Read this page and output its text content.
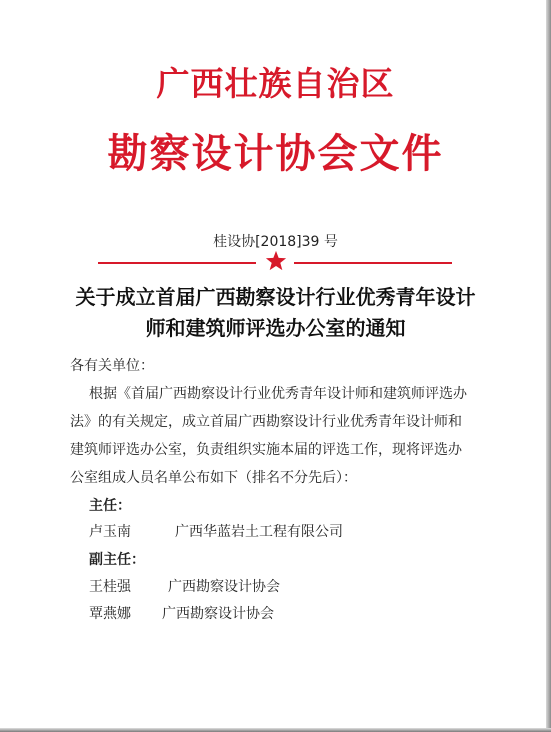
广西壮族自治区
勘察设计协会文件
桂设协[2018]39 号
关于成立首届广西勘察设计行业优秀青年设计
师和建筑师评选办公室的通知
各有关单位：
根据《首届广西勘察设计行业优秀青年设计师和建筑师评选办
法》的有关规定，成立首届广西勘察设计行业优秀青年设计师和
建筑师评选办公室，负责组织实施本届的评选工作，现将评选办
公室组成人员名单公布如下（排名不分先后）：
主任：
卢玉南	广西华蓝岩土工程有限公司
副主任：
王桂强	广西勘察设计协会
覃燕娜 广西勘察设计协会
